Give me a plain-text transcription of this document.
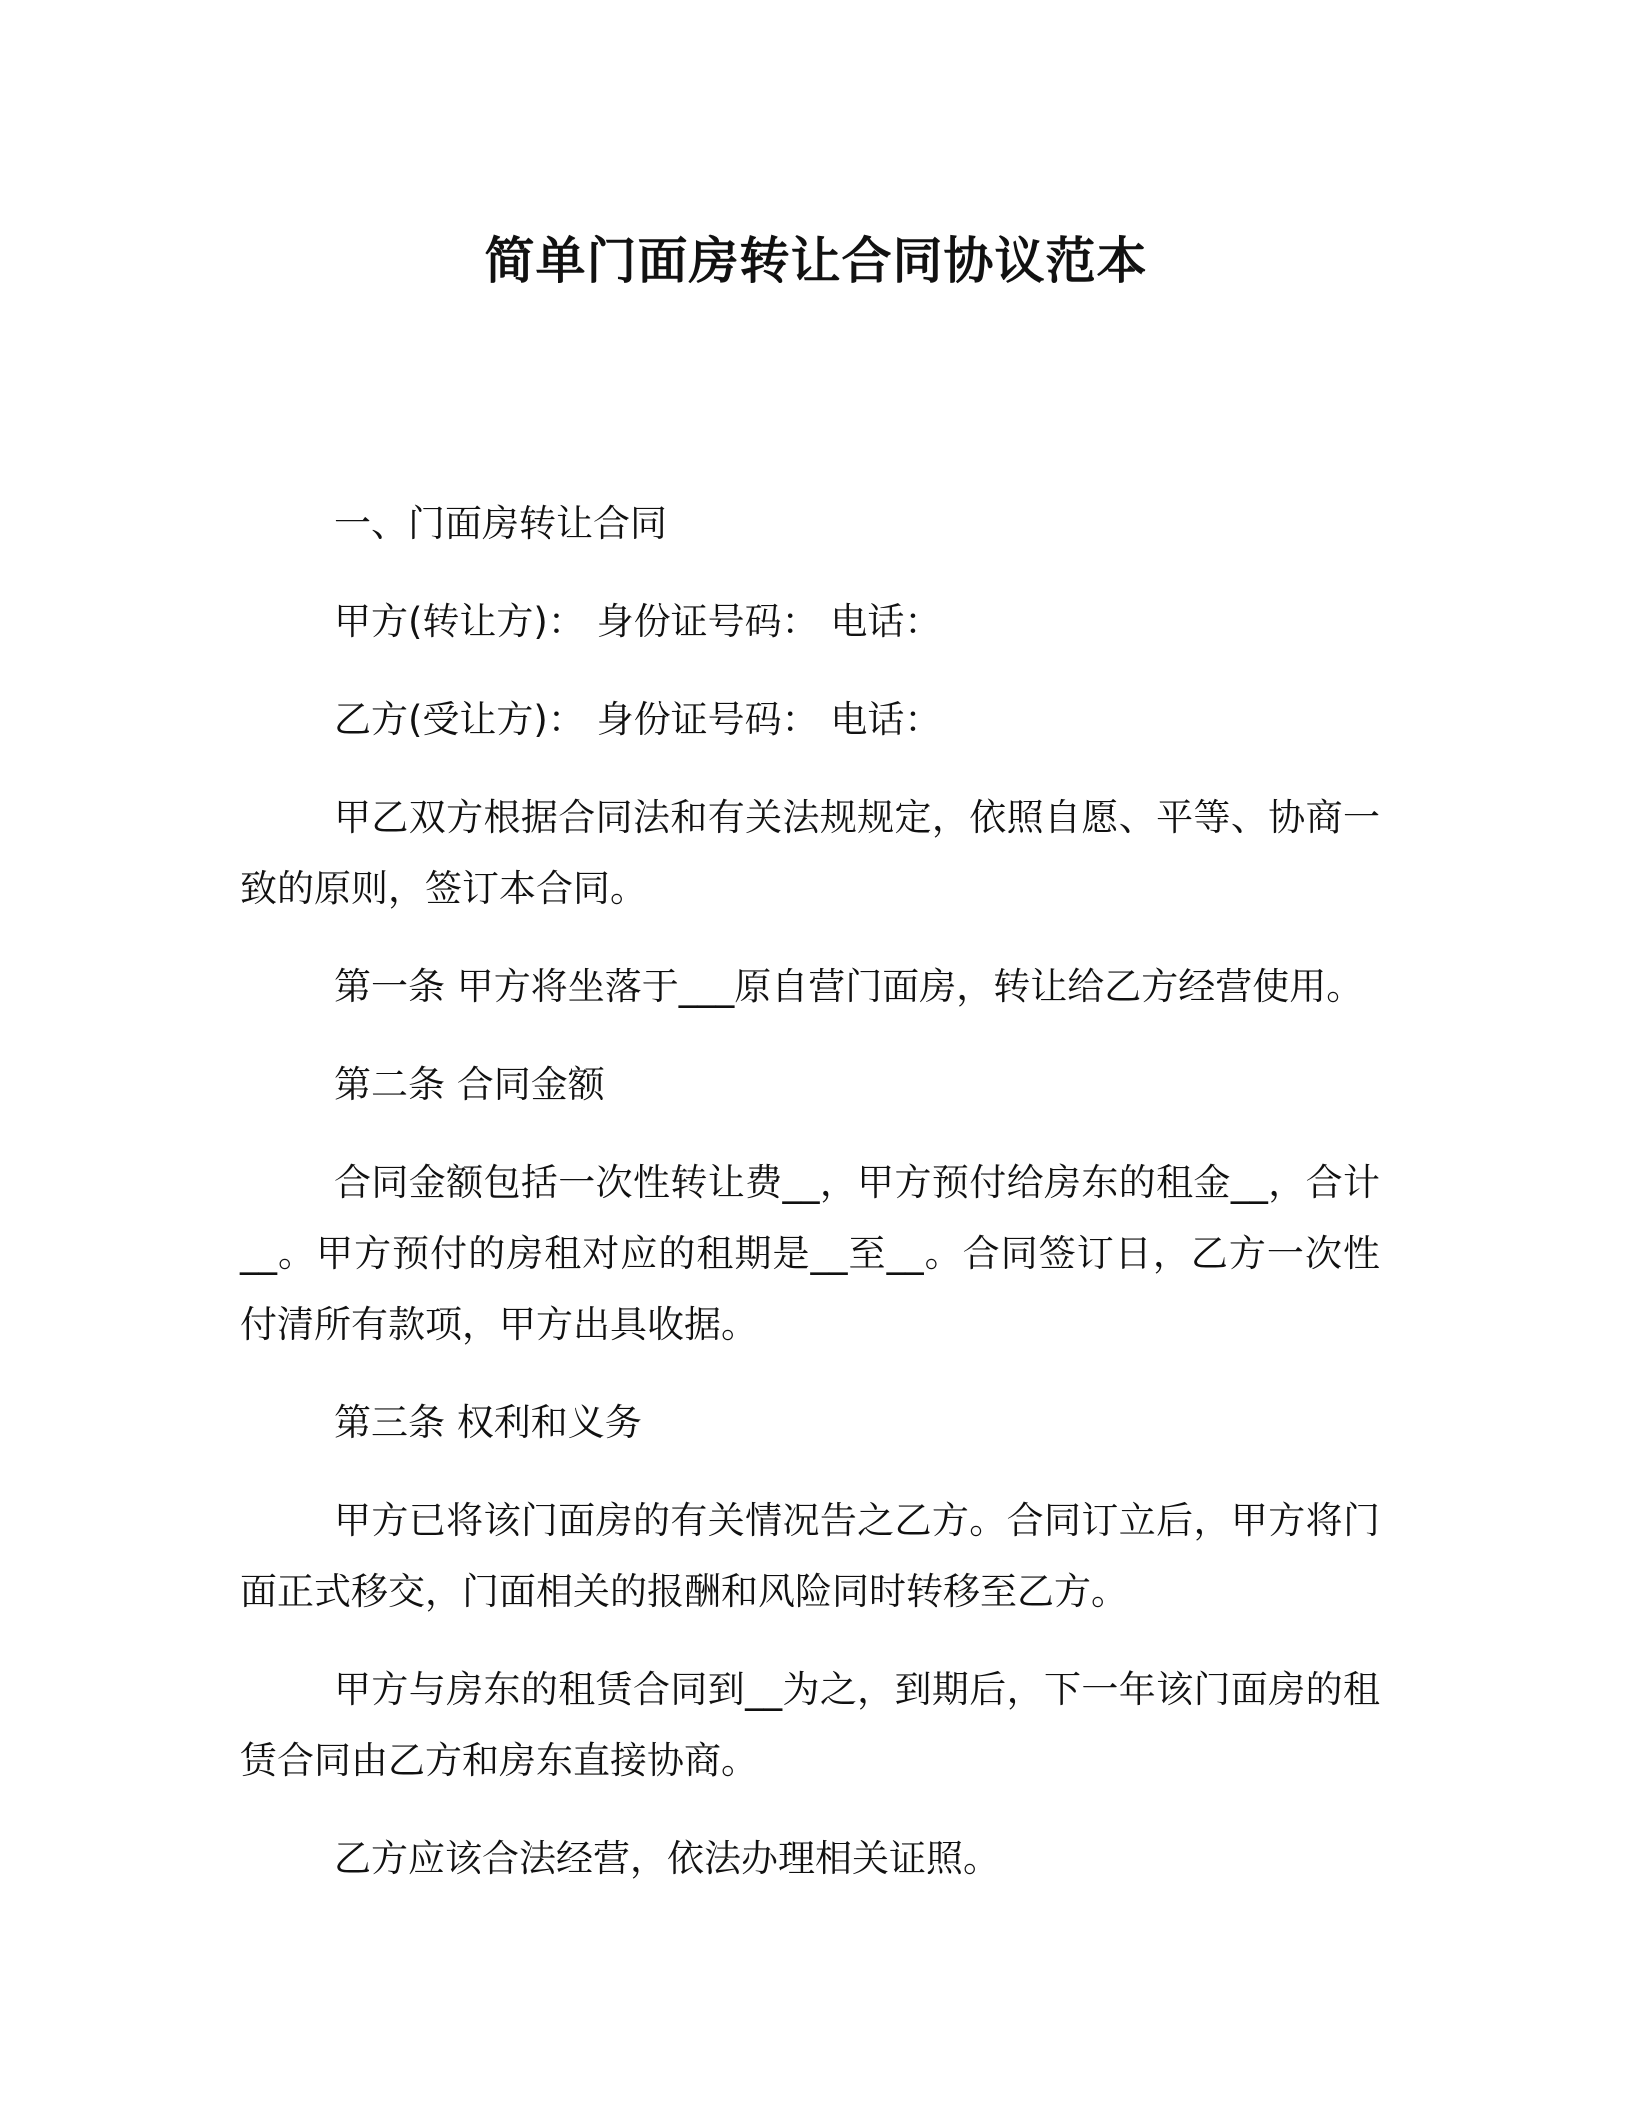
简单门面房转让合同协议范本

一、门面房转让合同

甲方(转让方)： 身份证号码： 电话：

乙方(受让方)： 身份证号码： 电话：

甲乙双方根据合同法和有关法规规定，依照自愿、平等、协商一致的原则，签订本合同。

第一条 甲方将坐落于___原自营门面房，转让给乙方经营使用。

第二条 合同金额

合同金额包括一次性转让费__，甲方预付给房东的租金__，合计__。甲方预付的房租对应的租期是__至__。合同签订日，乙方一次性付清所有款项，甲方出具收据。

第三条 权利和义务

甲方已将该门面房的有关情况告之乙方。合同订立后，甲方将门面正式移交，门面相关的报酬和风险同时转移至乙方。

甲方与房东的租赁合同到__为之，到期后，下一年该门面房的租赁合同由乙方和房东直接协商。

乙方应该合法经营，依法办理相关证照。
